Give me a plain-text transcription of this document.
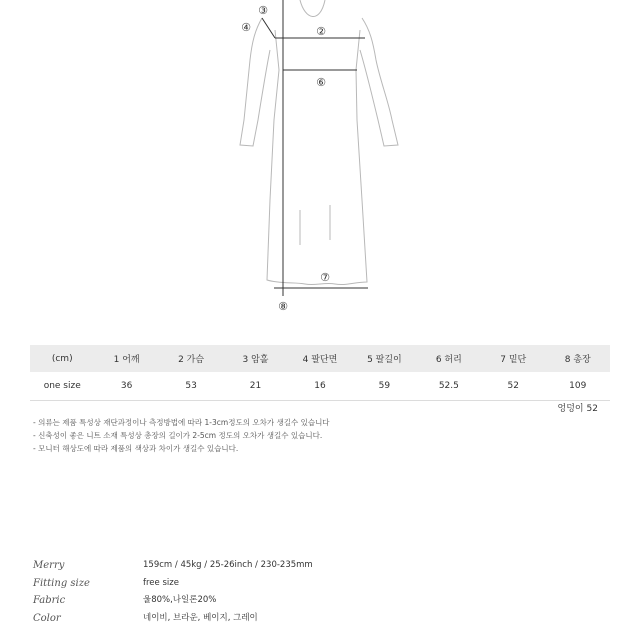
③
④	②
⑥
⑦
⑧
(cm)	1 어깨	2 가슴	3 암홀	4 팔단면	5 팔길이	6 허리	7 밑단	8 총장
one size	36	53	21	16	59	52.5	52	109
								엉덩이 52
- 의류는 제품 특성상 재단과정이나 측정방법에 따라 1-3cm정도의 오차가 생길수 있습니다
- 신축성이 좋은 니트 소재 특성상 총장의 길이가 2-5cm 정도의 오차가 생길수 있습니다.
- 모니터 해상도에 따라 제품의 색상과 차이가 생길수 있습니다.
Merry	159cm / 45kg / 25-26inch / 230-235mm
Fitting size	free size
Fabric	울80%,나일론20%
Color	네이비, 브라운, 베이지, 그레이
